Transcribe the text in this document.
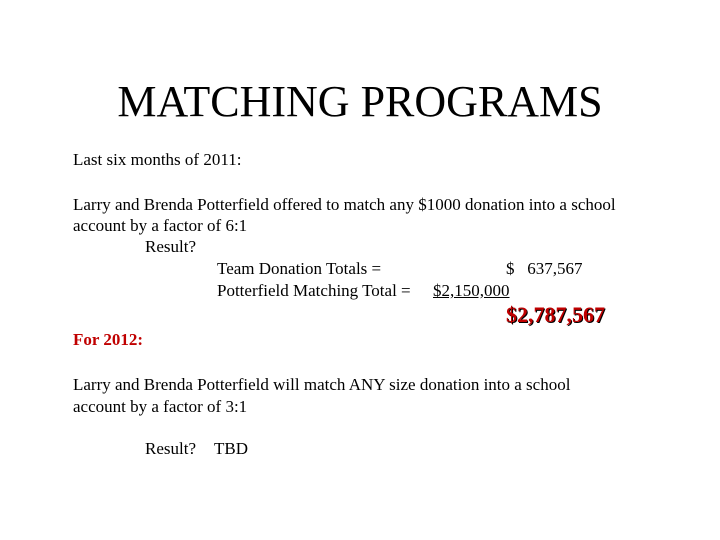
MATCHING PROGRAMS
Last six months of 2011:
Larry and Brenda Potterfield offered to match any $1000 donation into a school
account by a factor of 6:1
Result?
Team Donation Totals =	$   637,567
Potterfield Matching Total = $2,150,000
$2,787,567
For 2012:
Larry and Brenda Potterfield will match ANY size donation into a school
account by a factor of 3:1
Result? TBD
